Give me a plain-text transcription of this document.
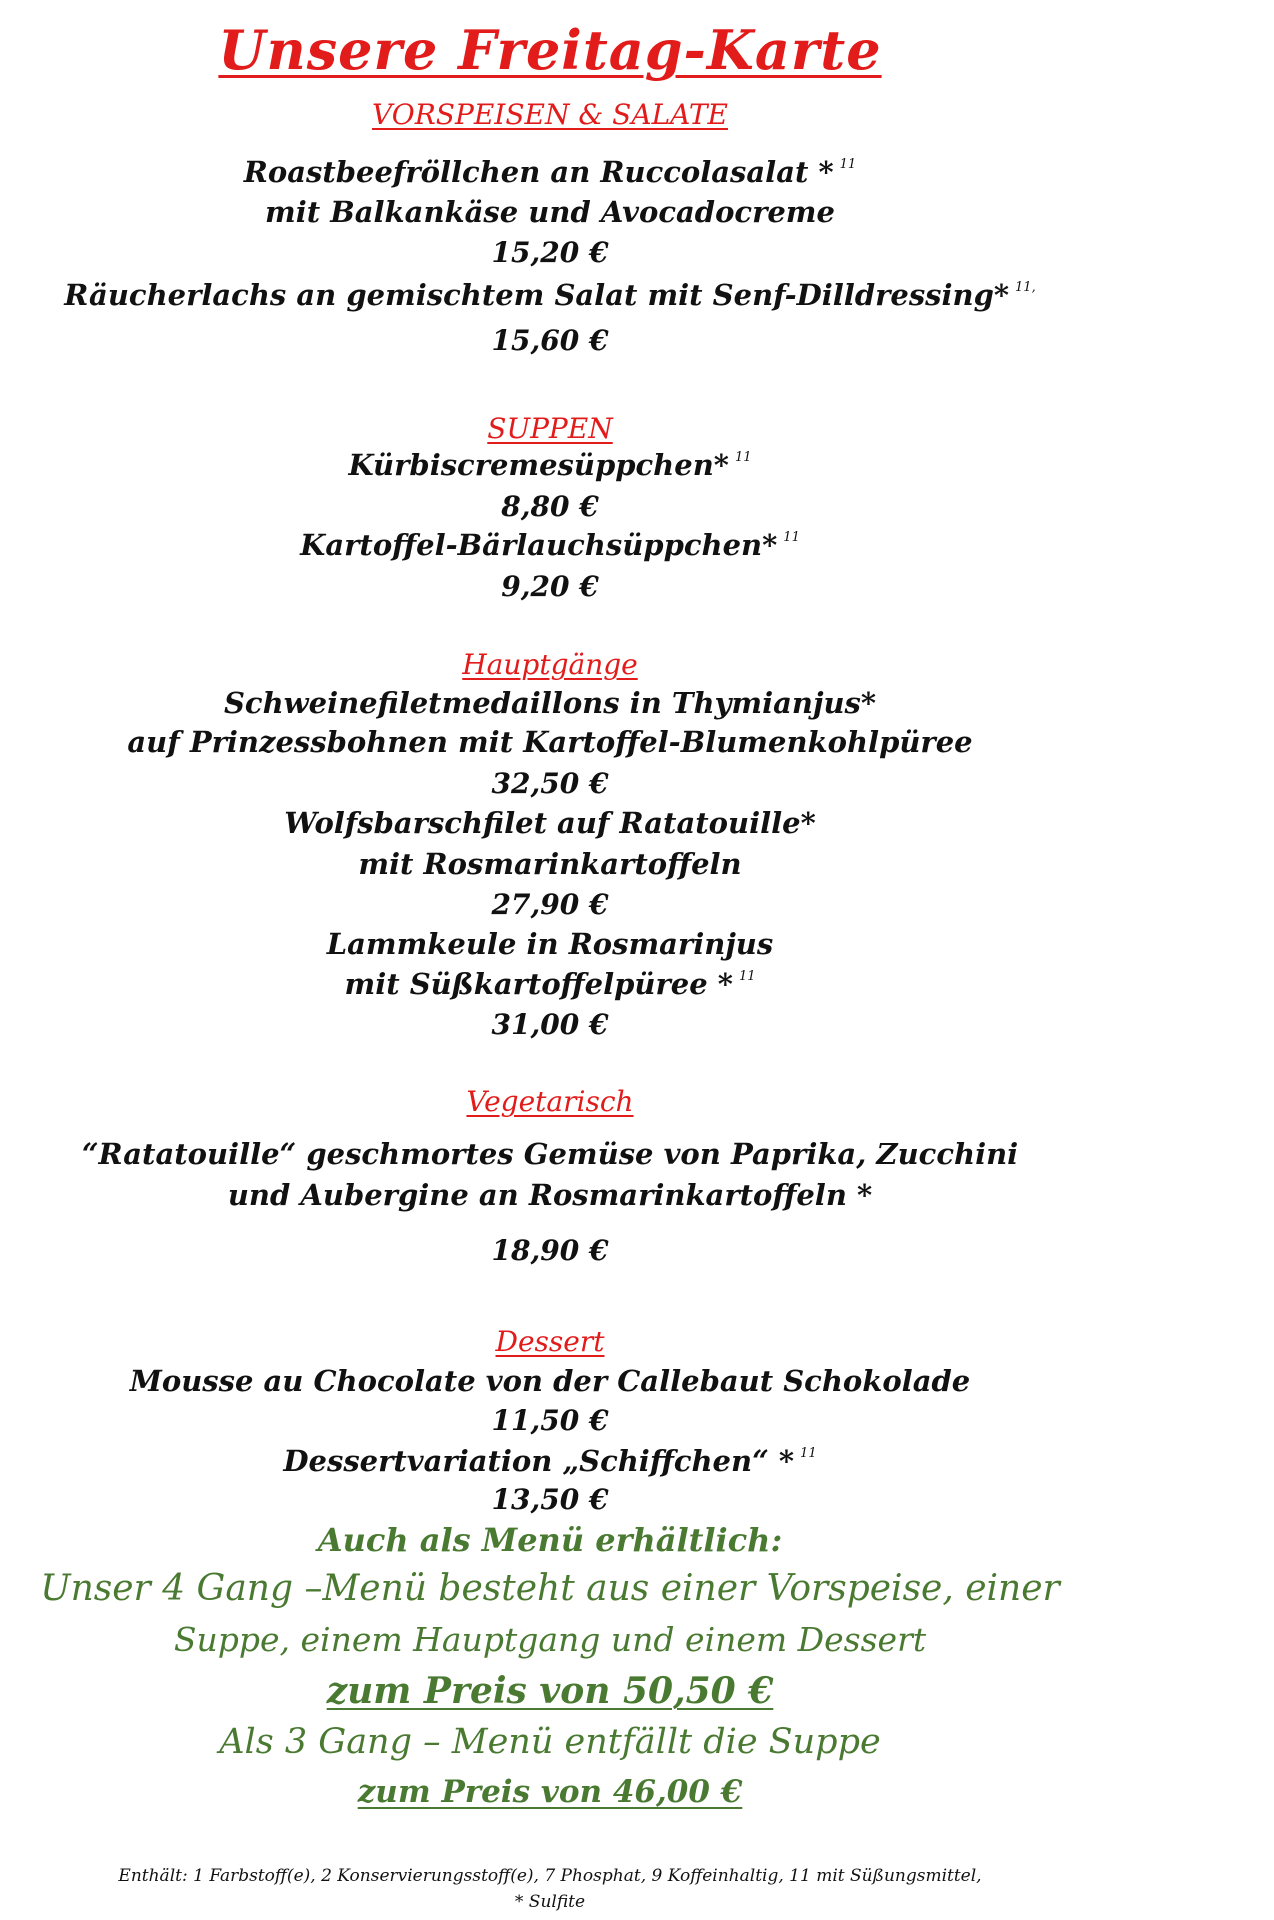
Unsere Freitag-Karte
VORSPEISEN & SALATE
Roastbeefröllchen an Ruccolasalat * $^{11}$
mit Balkankäse und Avocadocreme
15,20 €
Räucherlachs an gemischtem Salat mit Senf-Dilldressing* $^{11,}$
15,60 €
SUPPEN
Kürbiscremesüppchen* $^{11}$
8,80 €
Kartoffel-Bärlauchsüppchen* $^{11}$
9,20 €
Hauptgänge
Schweinefiletmedaillons in Thymianjus*
auf Prinzessbohnen mit Kartoffel-Blumenkohlpüree
32,50 €
Wolfsbarschfilet auf Ratatouille*
mit Rosmarinkartoffeln
27,90 €
Lammkeule in Rosmarinjus
mit Süßkartoffelpüree * $^{11}$
31,00 €
Vegetarisch
“Ratatouille“ geschmortes Gemüse von Paprika, Zucchini
und Aubergine an Rosmarinkartoffeln *
18,90 €
Dessert
Mousse au Chocolate von der Callebaut Schokolade
11,50 €
Dessertvariation „Schiffchen“ * $^{11}$
13,50 €
Auch als Menü erhältlich:
Unser 4 Gang –Menü besteht aus einer Vorspeise, einer
Suppe, einem Hauptgang und einem Dessert
zum Preis von 50,50 €
Als 3 Gang – Menü entfällt die Suppe
zum Preis von 46,00 €
Enthält: 1 Farbstoff(e), 2 Konservierungsstoff(e), 7 Phosphat, 9 Koffeinhaltig, 11 mit Süßungsmittel,
* Sulfite
